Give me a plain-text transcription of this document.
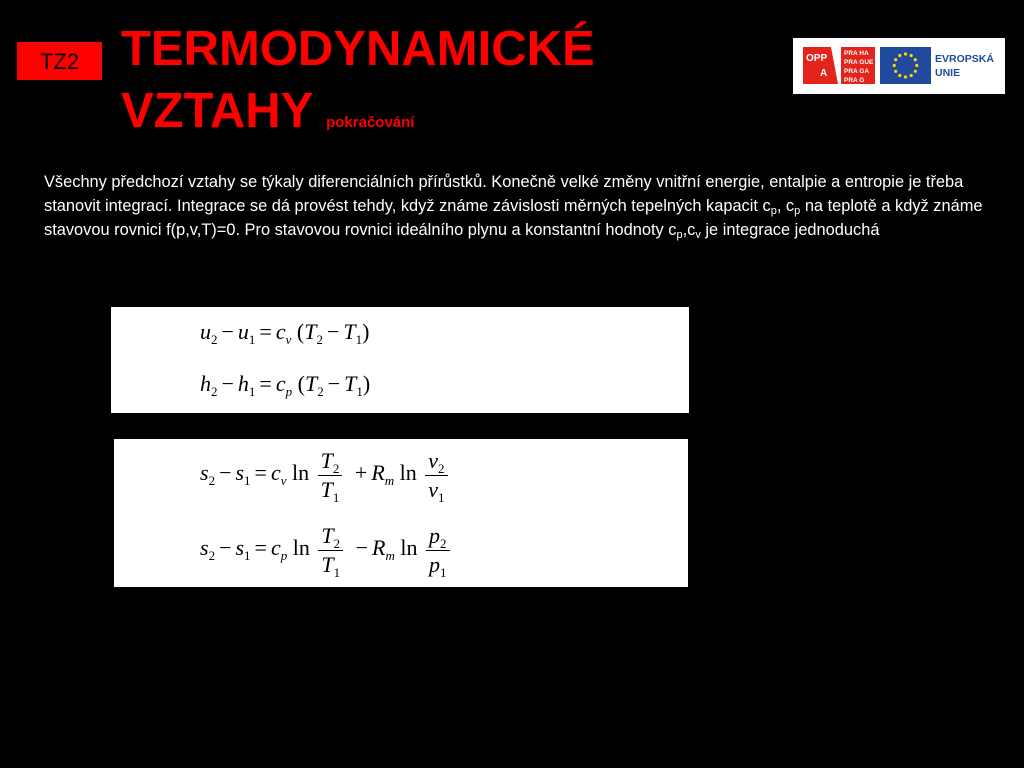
TZ2 TERMODYNAMICKÉ
VZTAHY pokračování
OPP
A
PRA HA PRA GUE PRA GA PRA G
EVROPSKÁ UNIE
Všechny předchozí vztahy se týkaly diferenciálních přírůstků. Konečně velké změny vnitřní energie, entalpie a entropie je třeba stanovit integrací. Integrace se dá provést tehdy, když známe závislosti měrných tepelných kapacit $c_p$, $c_p$ na teplotě a když známe stavovou rovnici f(p,v,T)=0. Pro stavovou rovnici ideálního plynu a konstantní hodnoty $c_p,c_v$ je integrace jednoduchá
$u_2 - u_1 = c_v$ $(T_2 - T_1)$
$h_2 - h_1 = c_p$ $(T_2 - T_1)$
$s_2 - s_1 = c_v$ $\ln \frac{T_2}{T_1} + R_m$ $\ln \frac{v_2}{v_1}$
$s_2 - s_1 = c_p$ $\ln \frac{T_2}{T_1} - R_m$ $\ln \frac{p_2}{p_1}$
